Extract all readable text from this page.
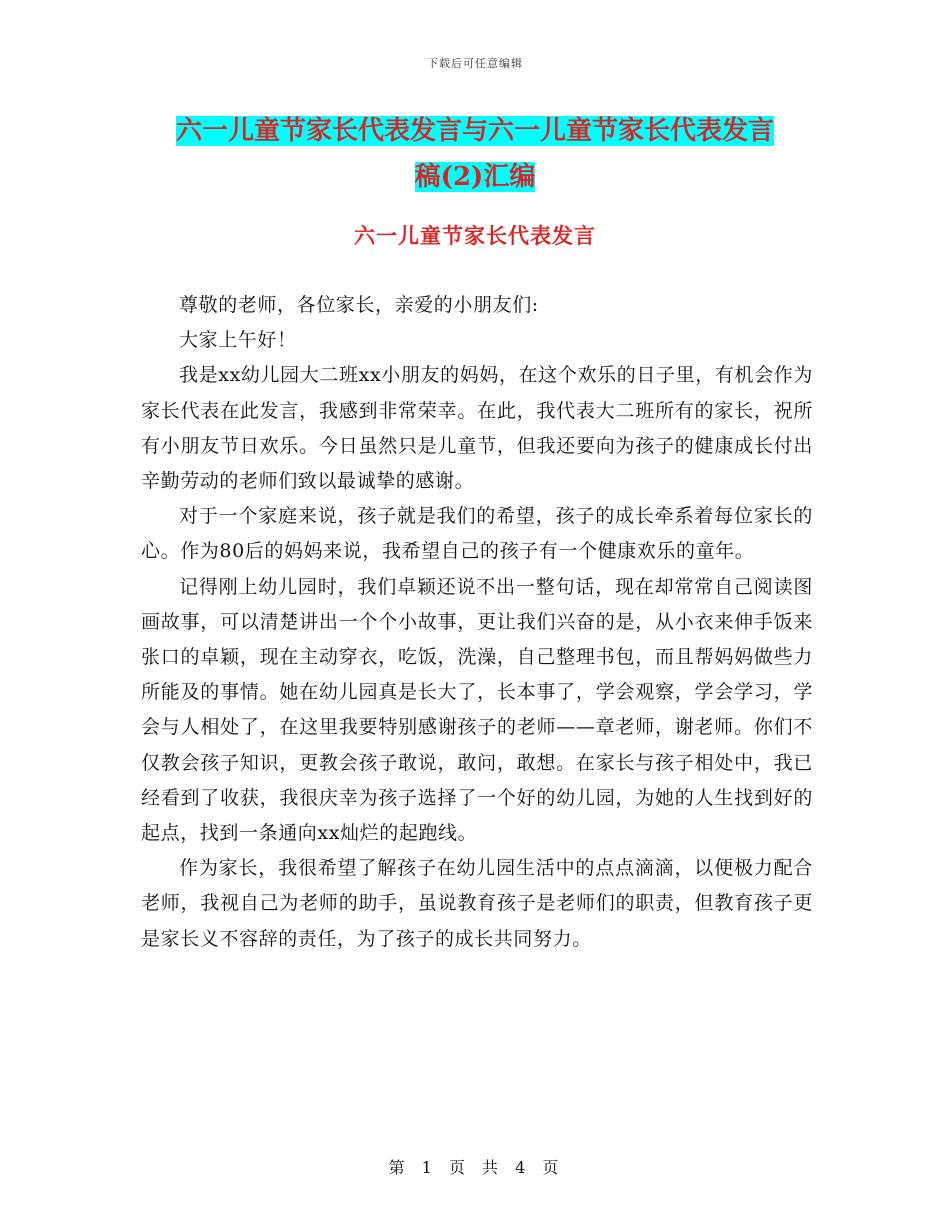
下载后可任意编辑
六一儿童节家长代表发言与六一儿童节家长代表发言
稿(2)汇编
六一儿童节家长代表发言

尊敬的老师，各位家长，亲爱的小朋友们:

大家上午好！

我是xx幼儿园大二班xx小朋友的妈妈，在这个欢乐的日子里，有机会作为家长代表在此发言，我感到非常荣幸。在此，我代表大二班所有的家长，祝所有小朋友节日欢乐。今日虽然只是儿童节，但我还要向为孩子的健康成长付出辛勤劳动的老师们致以最诚挚的感谢。

对于一个家庭来说，孩子就是我们的希望，孩子的成长牵系着每位家长的心。作为80后的妈妈来说，我希望自己的孩子有一个健康欢乐的童年。

记得刚上幼儿园时，我们卓颖还说不出一整句话，现在却常常自己阅读图画故事，可以清楚讲出一个个小故事，更让我们兴奋的是，从小衣来伸手饭来张口的卓颖，现在主动穿衣，吃饭，洗澡，自己整理书包，而且帮妈妈做些力所能及的事情。她在幼儿园真是长大了，长本事了，学会观察，学会学习，学会与人相处了，在这里我要特别感谢孩子的老师——章老师，谢老师。你们不仅教会孩子知识，更教会孩子敢说，敢问，敢想。在家长与孩子相处中，我已经看到了收获，我很庆幸为孩子选择了一个好的幼儿园，为她的人生找到好的起点，找到一条通向xx灿烂的起跑线。

作为家长，我很希望了解孩子在幼儿园生活中的点点滴滴，以便极力配合老师，我视自己为老师的助手，虽说教育孩子是老师们的职责，但教育孩子更是家长义不容辞的责任，为了孩子的成长共同努力。

第 1 页 共 4 页
